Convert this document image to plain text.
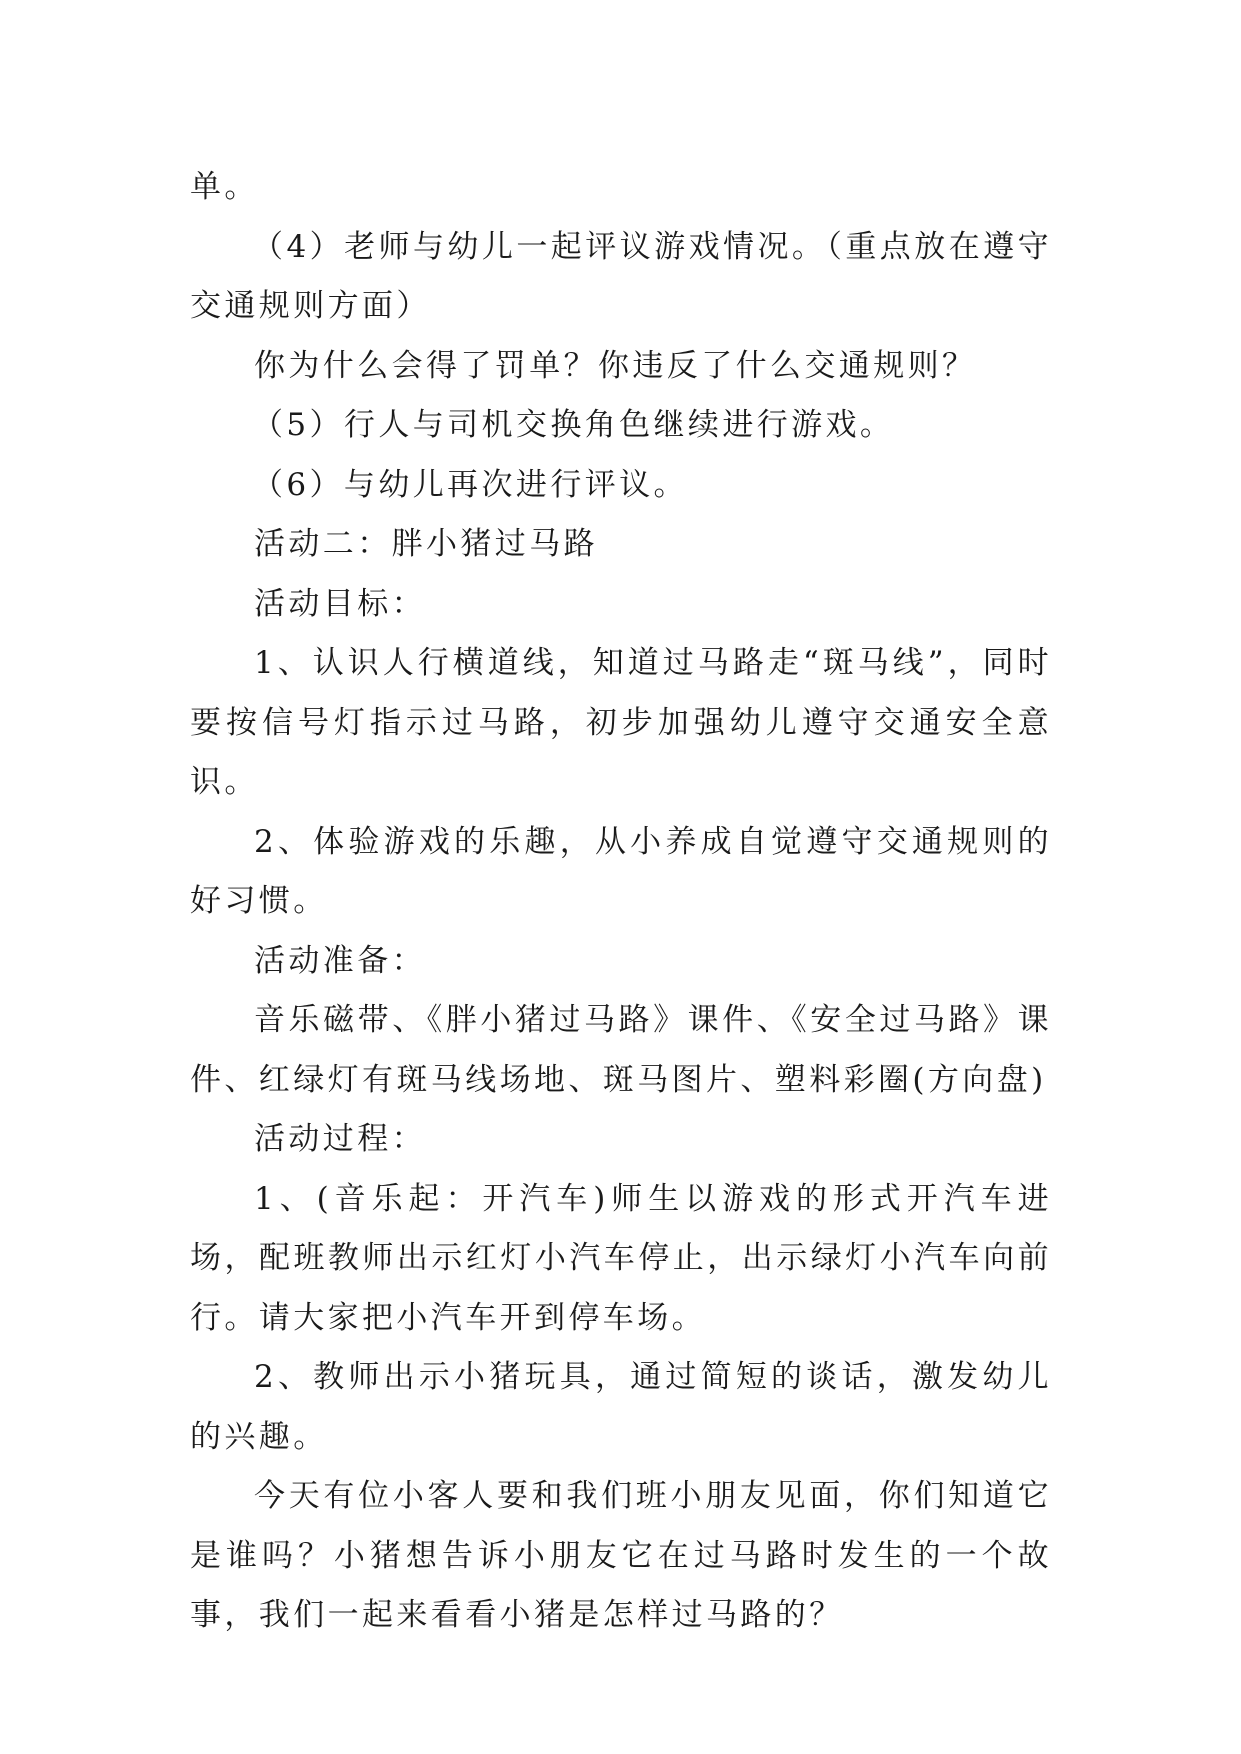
单。

（4）老师与幼儿一起评议游戏情况。（重点放在遵守交通规则方面）

你为什么会得了罚单？你违反了什么交通规则？

（5）行人与司机交换角色继续进行游戏。

（6）与幼儿再次进行评议。

活动二：胖小猪过马路

活动目标：

1、认识人行横道线，知道过马路走“斑马线”，同时要按信号灯指示过马路，初步加强幼儿遵守交通安全意识。

2、体验游戏的乐趣，从小养成自觉遵守交通规则的好习惯。

活动准备：

音乐磁带、《胖小猪过马路》课件、《安全过马路》课件、红绿灯有斑马线场地、斑马图片、塑料彩圈(方向盘)

活动过程：

1、(音乐起：开汽车)师生以游戏的形式开汽车进场，配班教师出示红灯小汽车停止，出示绿灯小汽车向前行。请大家把小汽车开到停车场。

2、教师出示小猪玩具，通过简短的谈话，激发幼儿的兴趣。

今天有位小客人要和我们班小朋友见面，你们知道它是谁吗？小猪想告诉小朋友它在过马路时发生的一个故事，我们一起来看看小猪是怎样过马路的？
